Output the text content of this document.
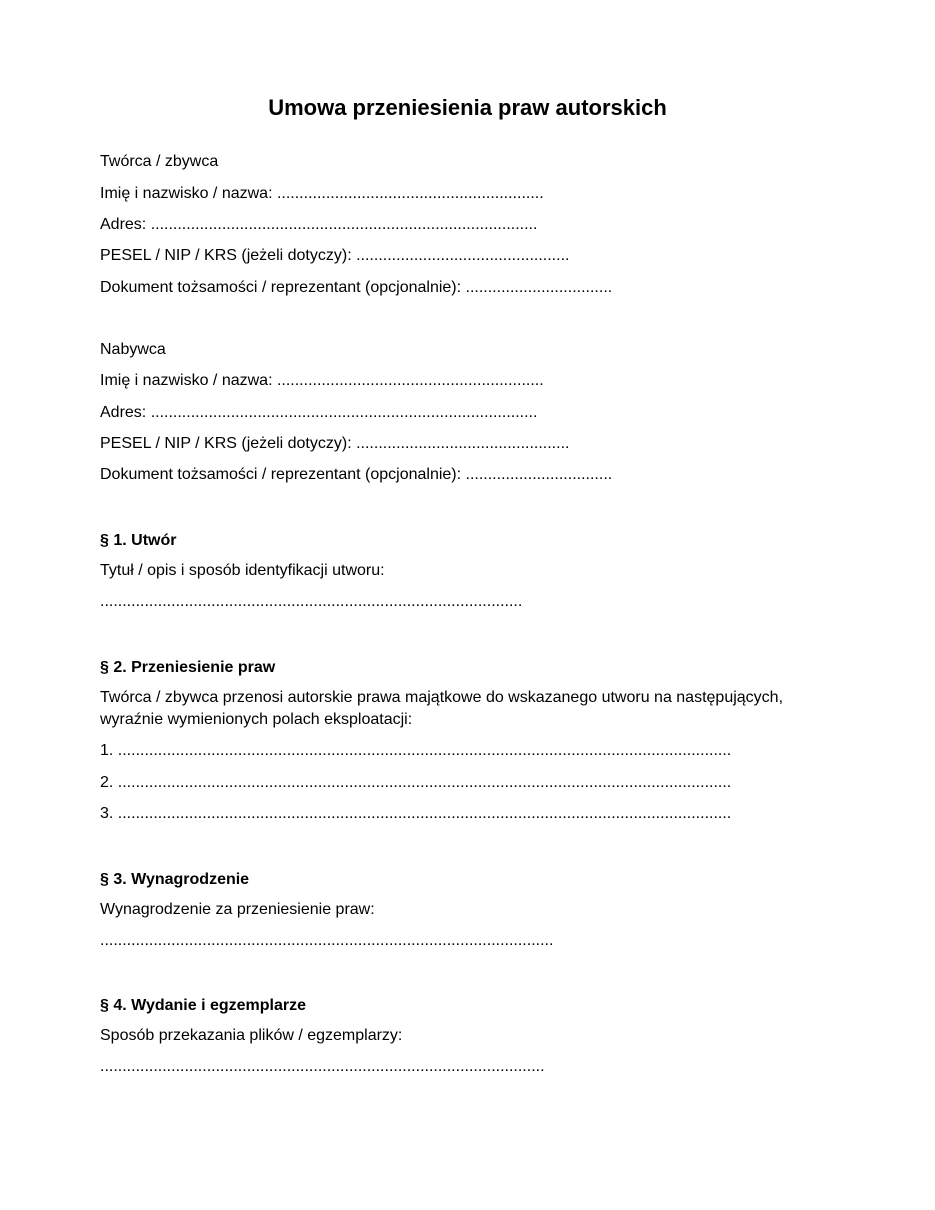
Umowa przeniesienia praw autorskich
Twórca / zbywca
Imię i nazwisko / nazwa: ............................................................
Adres: .......................................................................................
PESEL / NIP / KRS (jeżeli dotyczy): ................................................
Dokument tożsamości / reprezentant (opcjonalnie): .................................
Nabywca
Imię i nazwisko / nazwa: ............................................................
Adres: .......................................................................................
PESEL / NIP / KRS (jeżeli dotyczy): ................................................
Dokument tożsamości / reprezentant (opcjonalnie): .................................
§ 1. Utwór
Tytuł / opis i sposób identyfikacji utworu:
...............................................................................................
§ 2. Przeniesienie praw
Twórca / zbywca przenosi autorskie prawa majątkowe do wskazanego utworu na następujących, wyraźnie wymienionych polach eksploatacji:
1. ..........................................................................................................................................
2. ..........................................................................................................................................
3. ..........................................................................................................................................
§ 3. Wynagrodzenie
Wynagrodzenie za przeniesienie praw:
......................................................................................................
§ 4. Wydanie i egzemplarze
Sposób przekazania plików / egzemplarzy:
....................................................................................................
